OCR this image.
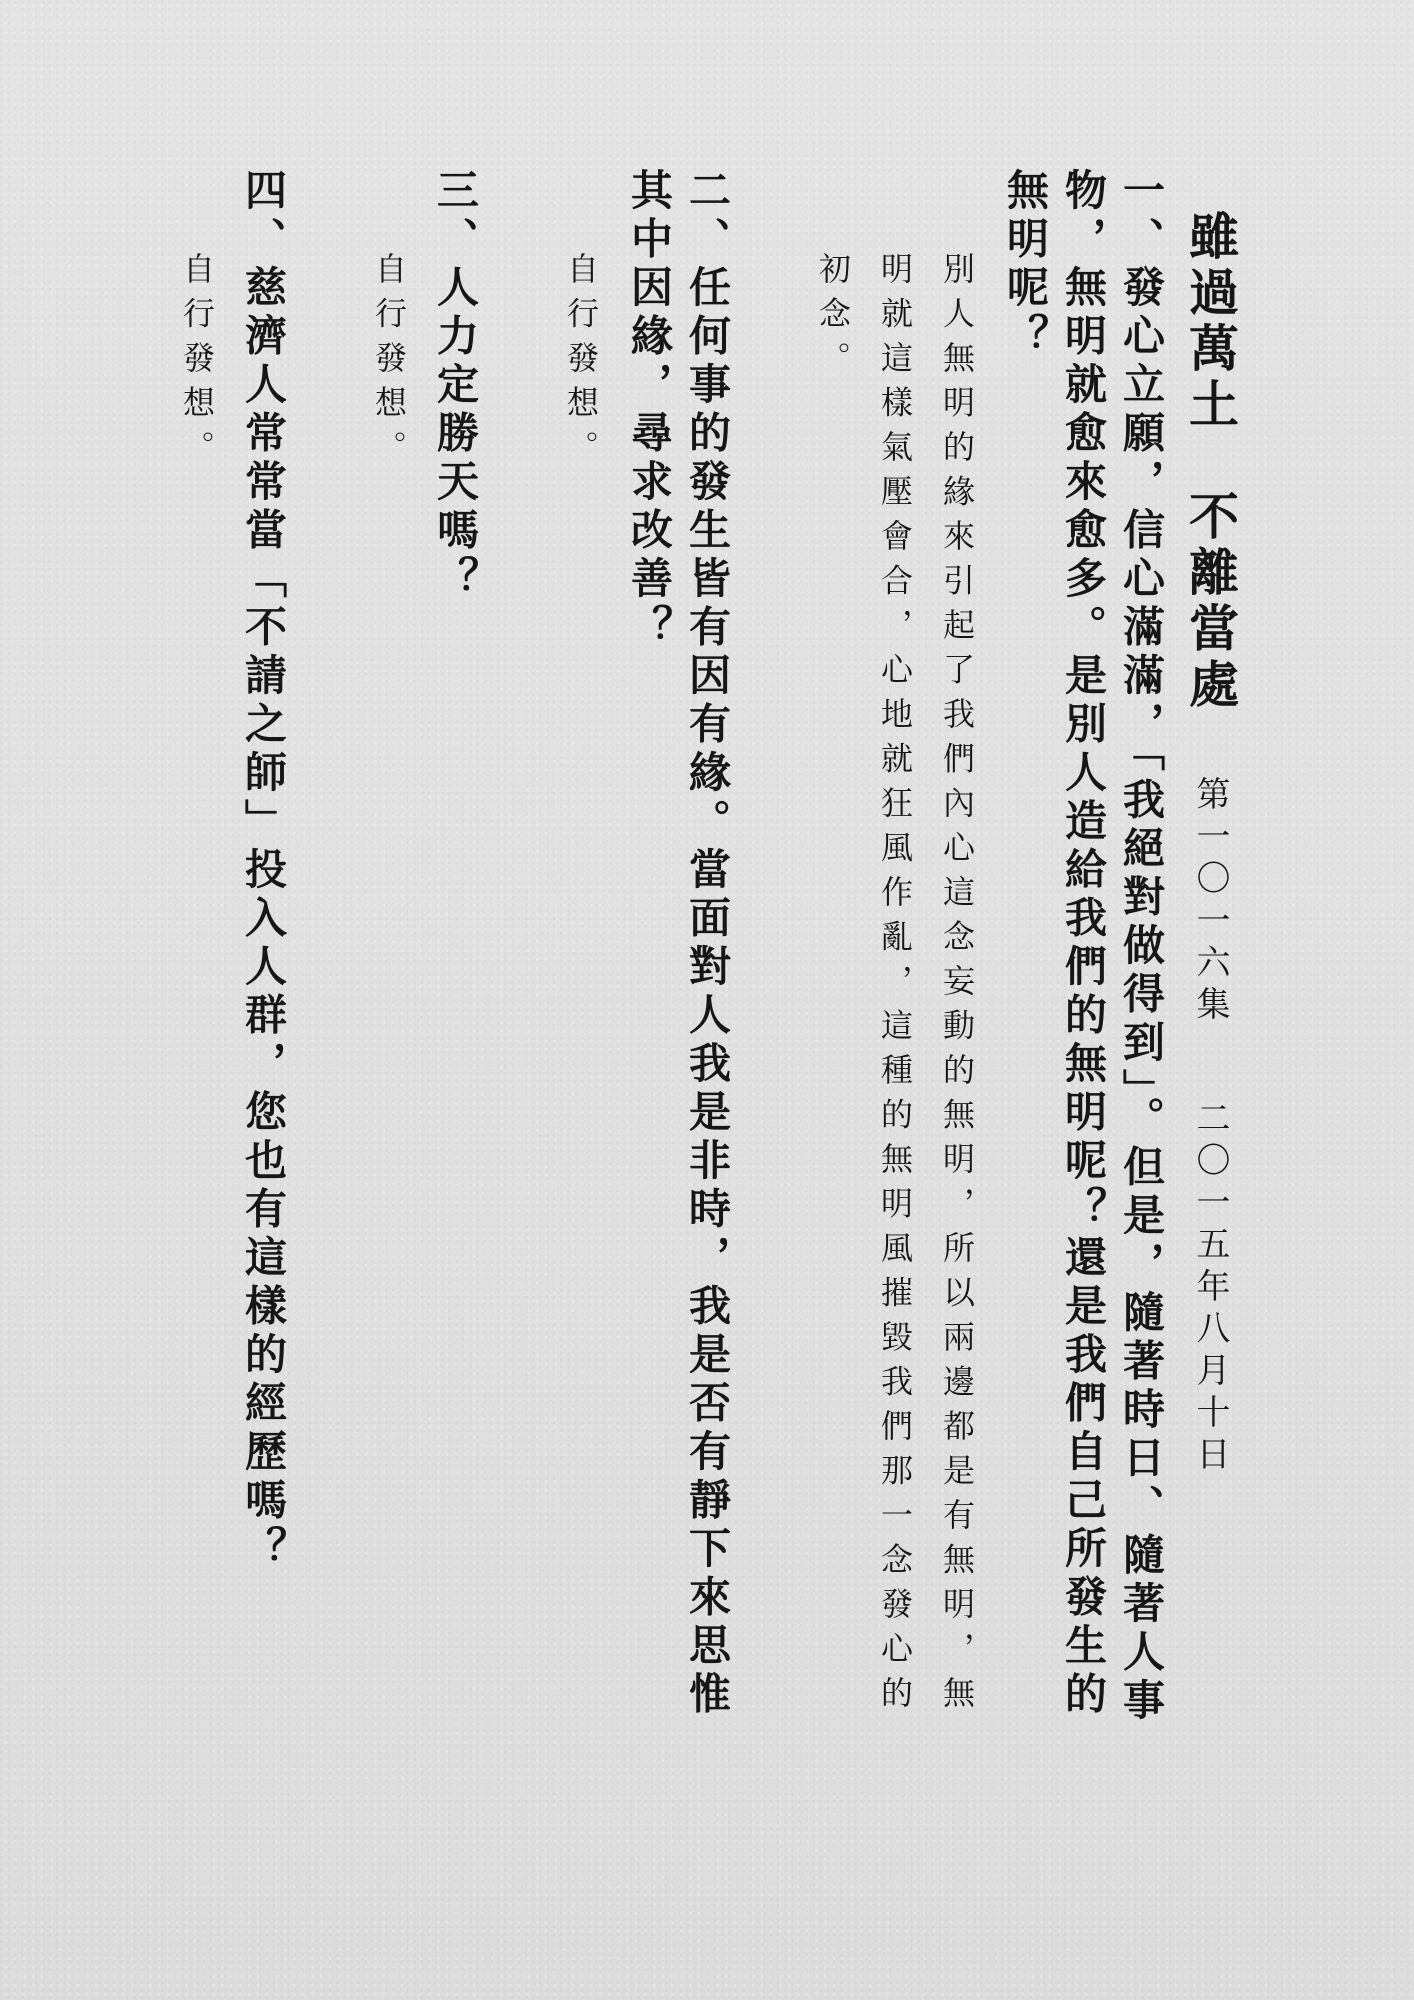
雖過萬土　不離當處
第一〇一六集
二〇一五年八月十日
一、發心立願，信心滿滿，「我絕對做得到」。但是，隨著時日、隨著人事物，無明就愈來愈多。是別人造給我們的無明呢？還是我們自己所發生的無明呢？
別人無明的緣來引起了我們內心這念妄動的無明，所以兩邊都是有無明，無明就這樣氣壓會合，心地就狂風作亂，這種的無明風摧毀我們那一念發心的初念。
二、任何事的發生皆有因有緣。當面對人我是非時，我是否有靜下來思惟其中因緣，尋求改善？
自行發想。
三、人力定勝天嗎？
自行發想。
四、慈濟人常常當「不請之師」投入人群，您也有這樣的經歷嗎？
自行發想。
